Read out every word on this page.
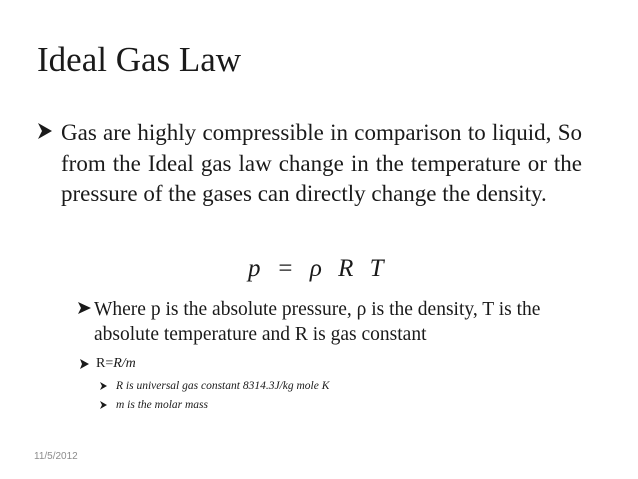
Ideal Gas Law
Gas are highly compressible in comparison to liquid, So from the Ideal gas law change in the temperature or the pressure of the gases can directly change the density.
p = ρ R T
Where p is the absolute pressure, ρ is the density, T is the absolute temperature and R is gas constant
R=R/m
R is universal gas constant 8314.3J/kg mole K
m is the molar mass
11/5/2012
